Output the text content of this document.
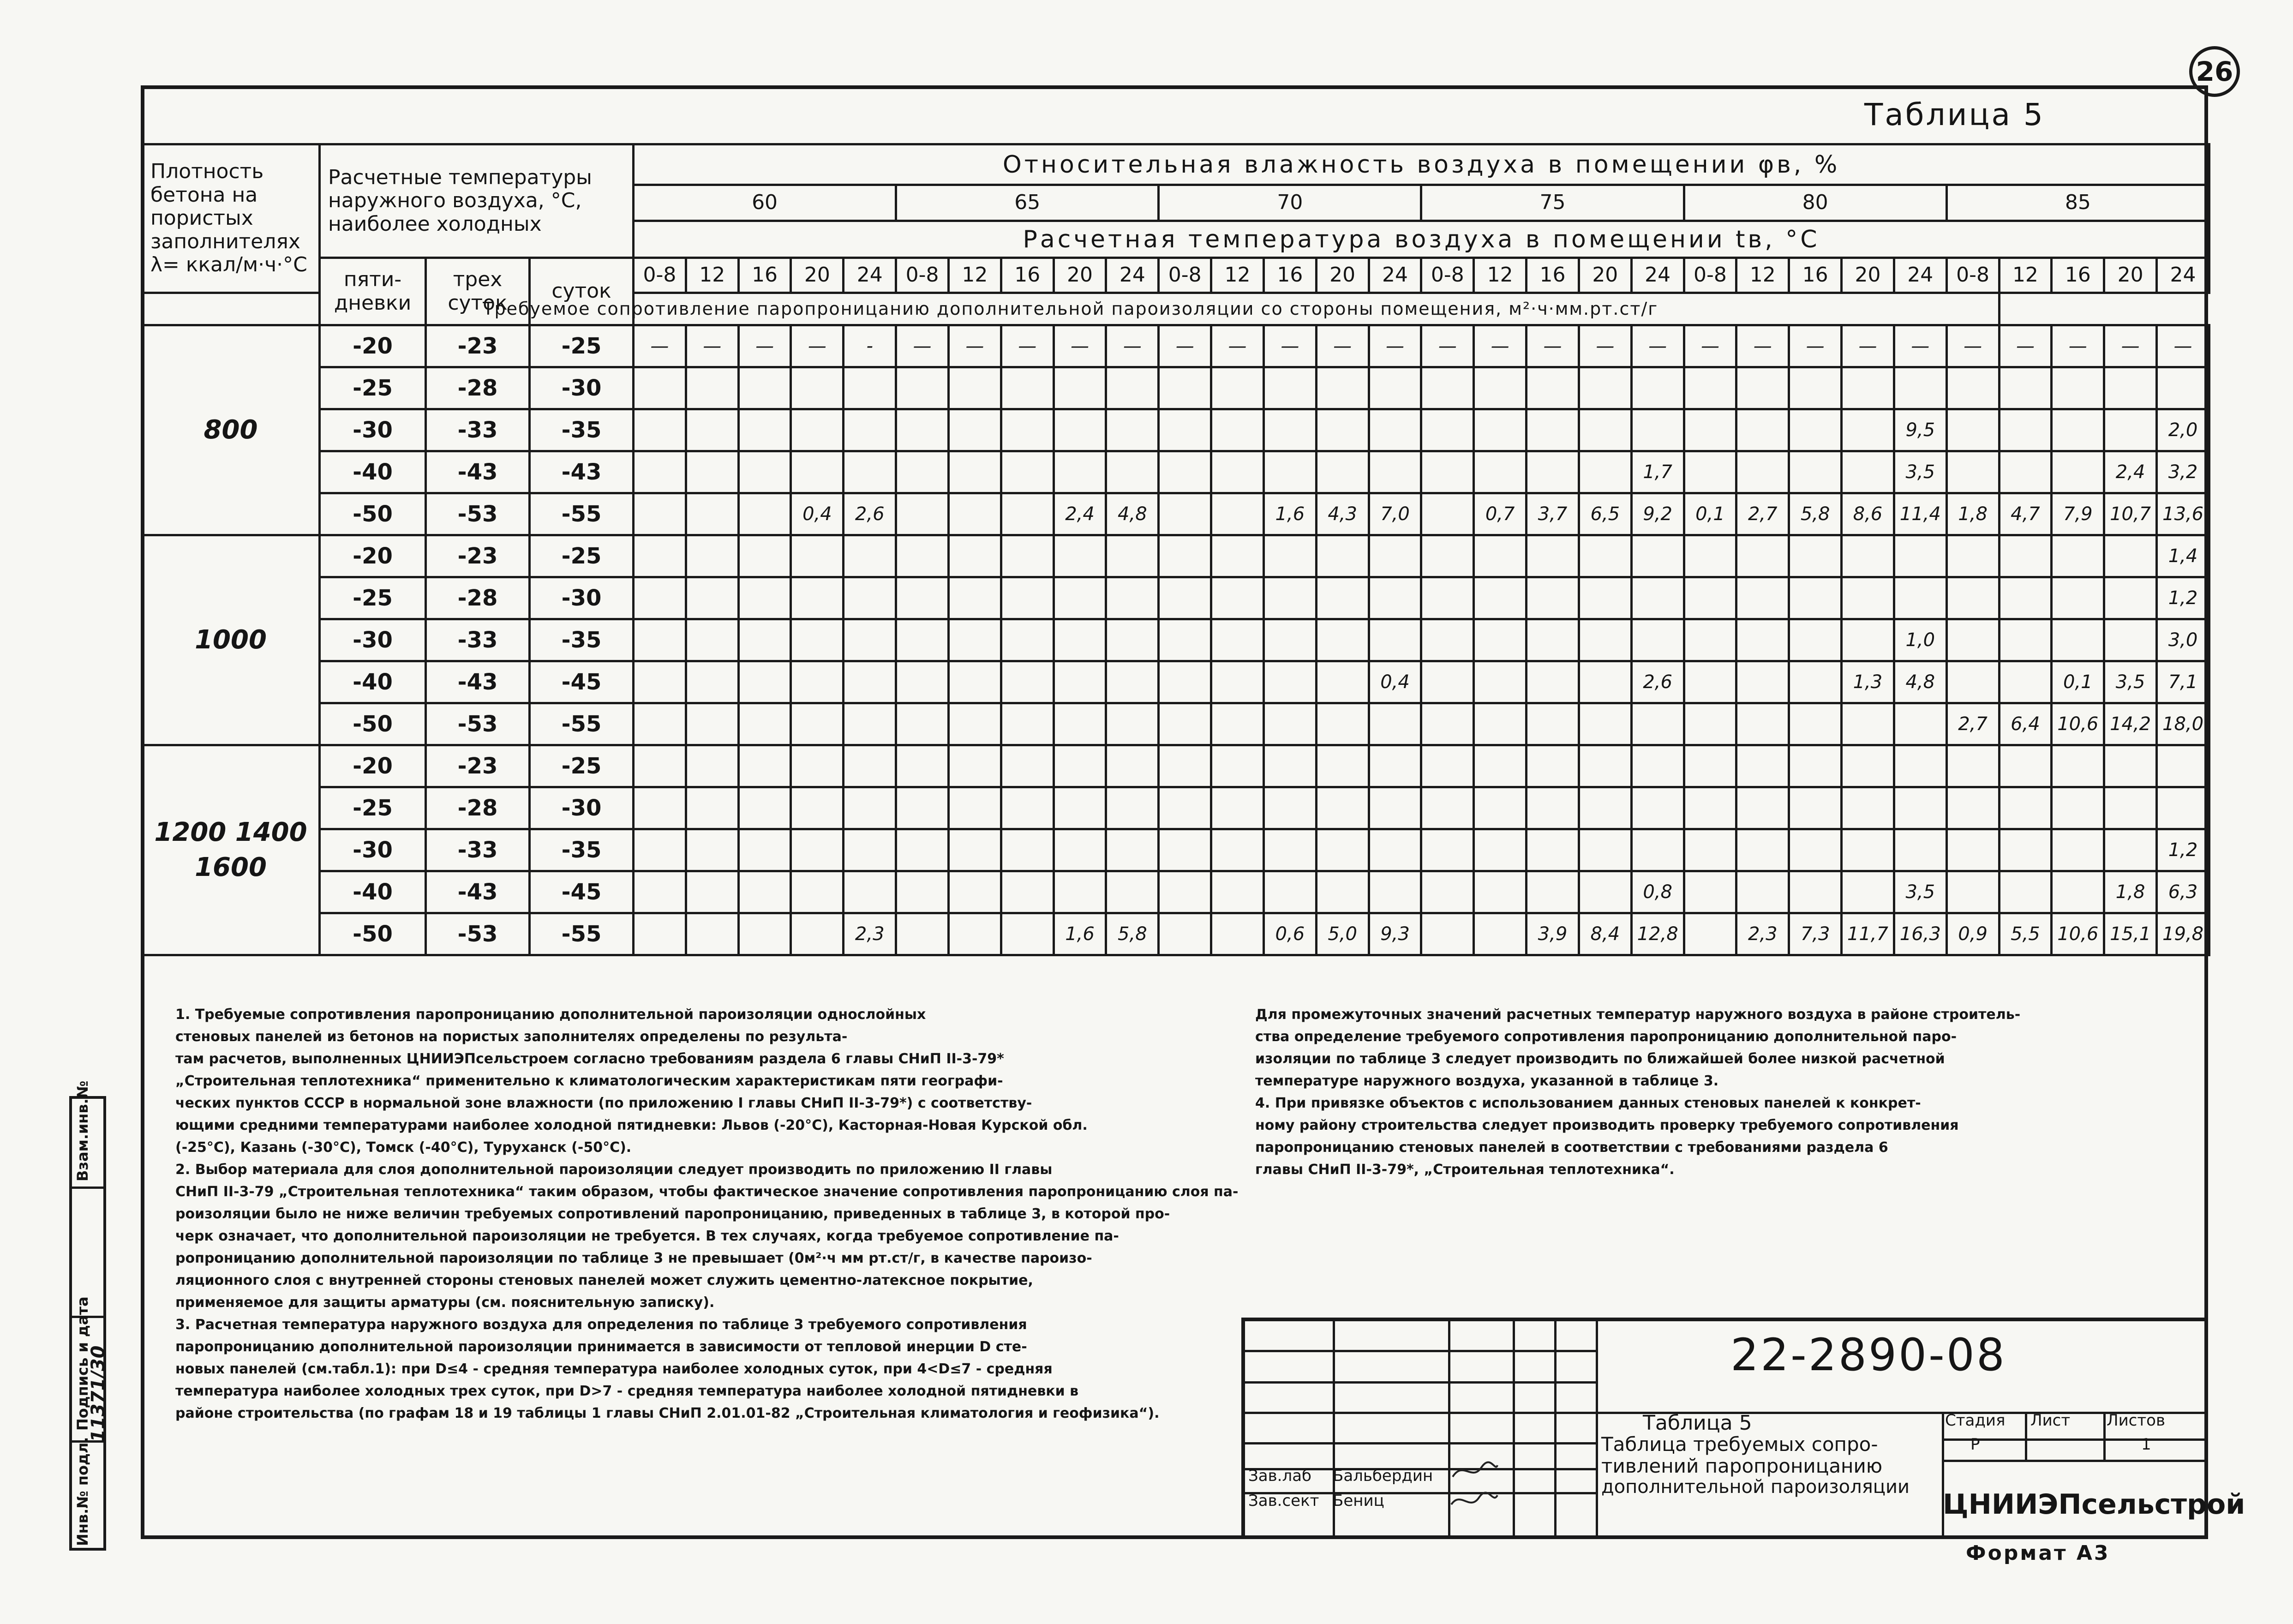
26
Таблица 5
Плотность бетона на пористых заполнителях λ= ккал/м·ч·°С	Расчетные температуры наружного воздуха, °С, наиболее холодных			Относительная влажность воздуха в помещении φв, %																													
				60					65					70					75					80					85				
				Расчетная температура воздуха в помещении tв, °С																													
	пяти-дневки	трех суток	суток	0-8	12	16	20	24	0-8	12	16	20	24	0-8	12	16	20	24	0-8	12	16	20	24	0-8	12	16	20	24	0-8	12	16	20	24
Требуемое сопротивление паропроницанию дополнительной пароизоляции со стороны помещения, м²·ч·мм.рт.ст/г																																	
800	-20	-23	-25	—	—	—	—	-	—	—	—	—	—	—	—	—	—	—	—	—	—	—	—	—	—	—	—	—	—	—	—	—	—
	-25	-28	-30																														
	-30	-33	-35																									9,5					2,0
	-40	-43	-43																				1,7					3,5				2,4	3,2
	-50	-53	-55				0,4	2,6				2,4	4,8			1,6	4,3	7,0		0,7	3,7	6,5	9,2	0,1	2,7	5,8	8,6	11,4	1,8	4,7	7,9	10,7	13,6
1000	-20	-23	-25																														1,4
	-25	-28	-30																														1,2
	-30	-33	-35																									1,0					3,0
	-40	-43	-45															0,4					2,6				1,3	4,8			0,1	3,5	7,1
	-50	-53	-55																										2,7	6,4	10,6	14,2	18,0
1200 1400 1600	-20	-23	-25																														
	-25	-28	-30																														
	-30	-33	-35																														1,2
	-40	-43	-45																				0,8					3,5				1,8	6,3
	-50	-53	-55					2,3				1,6	5,8			0,6	5,0	9,3			3,9	8,4	12,8		2,3	7,3	11,7	16,3	0,9	5,5	10,6	15,1	19,8
1. Требуемые сопротивления паропроницанию дополнительной пароизоляции однослойных
стеновых панелей из бетонов на пористых заполнителях определены по результа-
там расчетов, выполненных ЦНИИЭПсельстроем согласно требованиям раздела 6 главы СНиП II-3-79*
„Строительная теплотехника“ применительно к климатологическим характеристикам пяти географи-
ческих пунктов СССР в нормальной зоне влажности (по приложению I главы СНиП II-3-79*) с соответству-
ющими средними температурами наиболее холодной пятидневки: Львов (-20°С), Касторная-Новая Курской обл.
(-25°С), Казань (-30°С), Томск (-40°С), Туруханск (-50°С).
2. Выбор материала для слоя дополнительной пароизоляции следует производить по приложению II главы
СНиП II-3-79 „Строительная теплотехника“ таким образом, чтобы фактическое значение сопротивления паропроницанию слоя па-
роизоляции было не ниже величин требуемых сопротивлений паропроницанию, приведенных в таблице 3, в которой про-
черк означает, что дополнительной пароизоляции не требуется. В тех случаях, когда требуемое сопротивление па-
ропроницанию дополнительной пароизоляции по таблице 3 не превышает (0м²·ч мм рт.ст/г, в качестве пароизо-
ляционного слоя с внутренней стороны стеновых панелей может служить цементно-латексное покрытие,
применяемое для защиты арматуры (см. пояснительную записку).
3. Расчетная температура наружного воздуха для определения по таблице 3 требуемого сопротивления
паропроницанию дополнительной пароизоляции принимается в зависимости от тепловой инерции D сте-
новых панелей (см.табл.1): при D≤4 - средняя температура наиболее холодных суток, при 4<D≤7 - средняя
температура наиболее холодных трех суток, при D>7 - средняя температура наиболее холодной пятидневки в
районе строительства (по графам 18 и 19 таблицы 1 главы СНиП 2.01.01-82 „Строительная климатология и геофизика“).
Для промежуточных значений расчетных температур наружного воздуха в районе строитель-
ства определение требуемого сопротивления паропроницанию дополнительной паро-
изоляции по таблице 3 следует производить по ближайшей более низкой расчетной
температуре наружного воздуха, указанной в таблице 3.
4. При привязке объектов с использованием данных стеновых панелей к конкрет-
ному району строительства следует производить проверку требуемого сопротивления
паропроницанию стеновых панелей в соответствии с требованиями раздела 6
главы СНиП II-3-79*, „Строительная теплотехника“.
22-2890-08
Таблица 5
Таблица требуемых сопро-
тивлений паропроницанию
дополнительной пароизоляции
Стадия Лист Листов
Р	1
Зав.лаб Бальбердин
Зав.сект Бениц	ЦНИИЭПсельстрой
Формат А3
Взам.инв.№
Подпись и дата
Инв.№ подл.
11371/30
